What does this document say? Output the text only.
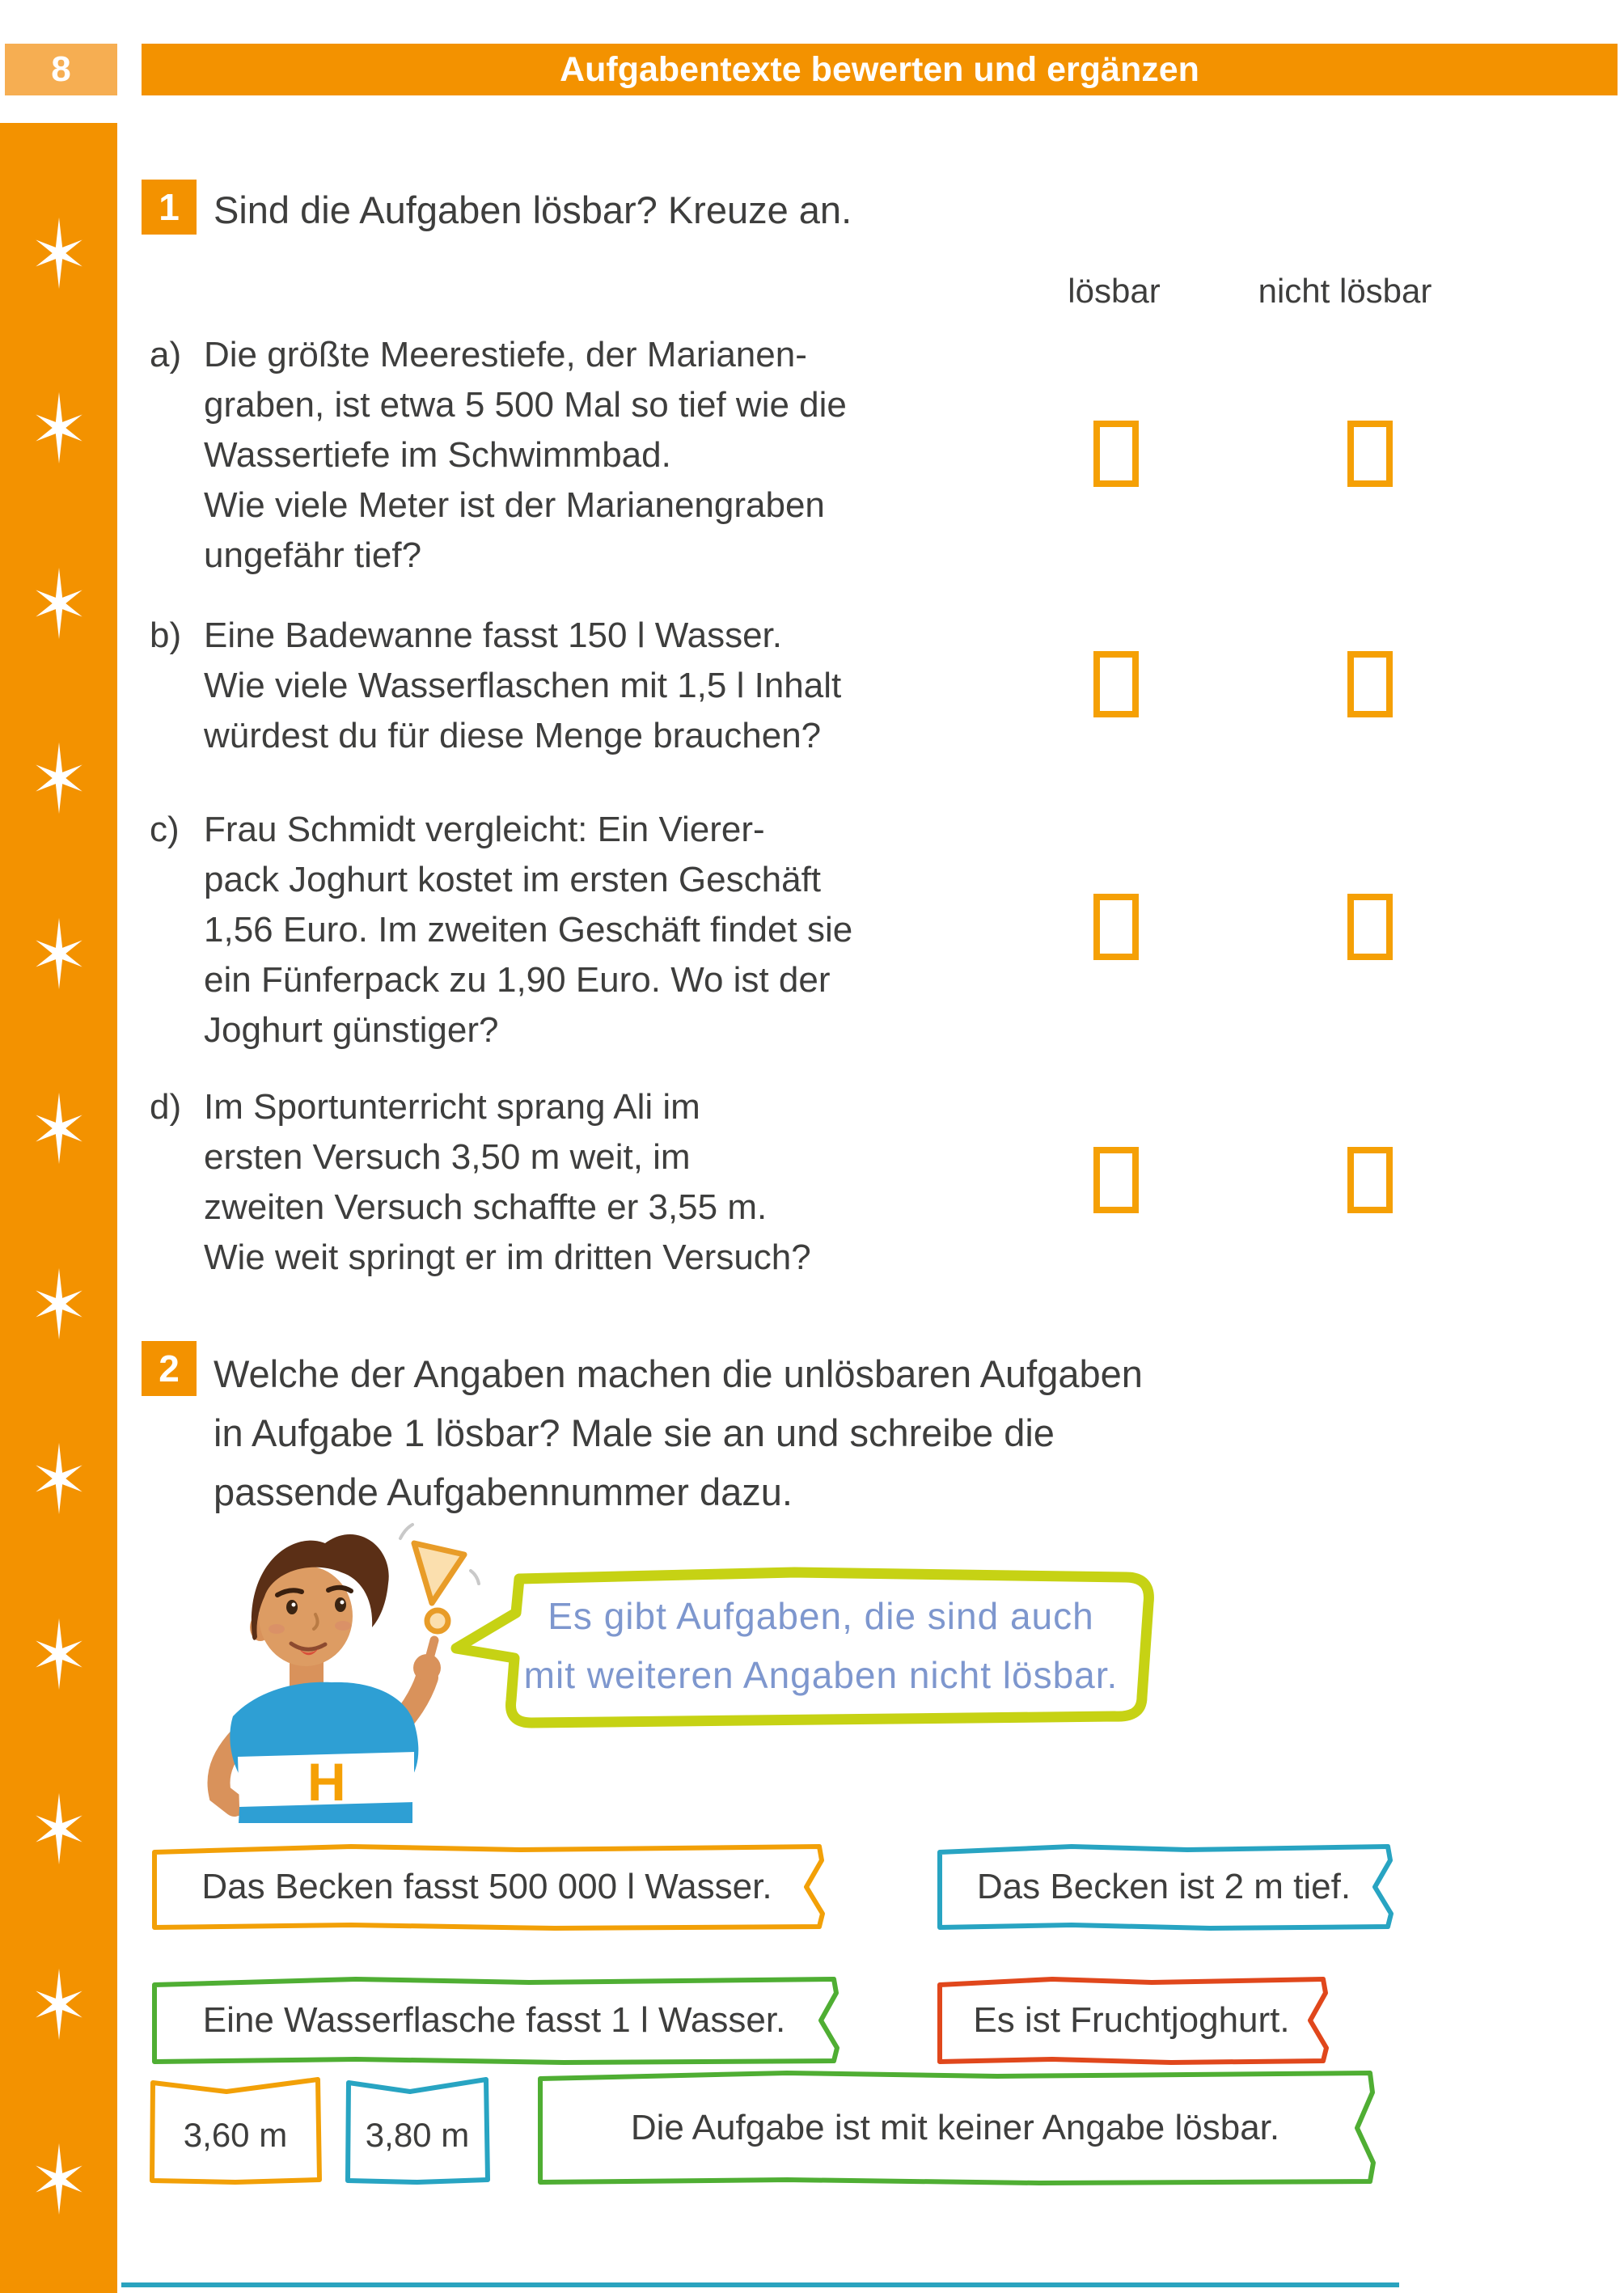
8	Aufgabentexte bewerten und ergänzen
1 Sind die Aufgaben lösbar? Kreuze an.
lösbar	nicht lösbar
a) Die größte Meerestiefe, der Marianen-
graben, ist etwa 5 500 Mal so tief wie die
Wassertiefe im Schwimmbad.
Wie viele Meter ist der Marianengraben
ungefähr tief?
b) Eine Badewanne fasst 150 l Wasser.
Wie viele Wasserflaschen mit 1,5 l Inhalt
würdest du für diese Menge brauchen?
c) Frau Schmidt vergleicht: Ein Vierer-
pack Joghurt kostet im ersten Geschäft
1,56 Euro. Im zweiten Geschäft findet sie
ein Fünferpack zu 1,90 Euro. Wo ist der
Joghurt günstiger?
d) Im Sportunterricht sprang Ali im
ersten Versuch 3,50 m weit, im
zweiten Versuch schaffte er 3,55 m.
Wie weit springt er im dritten Versuch?
2 Welche der Angaben machen die unlösbaren Aufgaben
in Aufgabe 1 lösbar? Male sie an und schreibe die
passende Aufgabennummer dazu.
H
Es gibt Aufgaben, die sind auch
mit weiteren Angaben nicht lösbar.
Das Becken fasst 500 000 l Wasser.	Das Becken ist 2 m tief.
Eine Wasserflasche fasst 1 l Wasser.	Es ist Fruchtjoghurt.
3,60 m 3,80 m	Die Aufgabe ist mit keiner Angabe lösbar.
